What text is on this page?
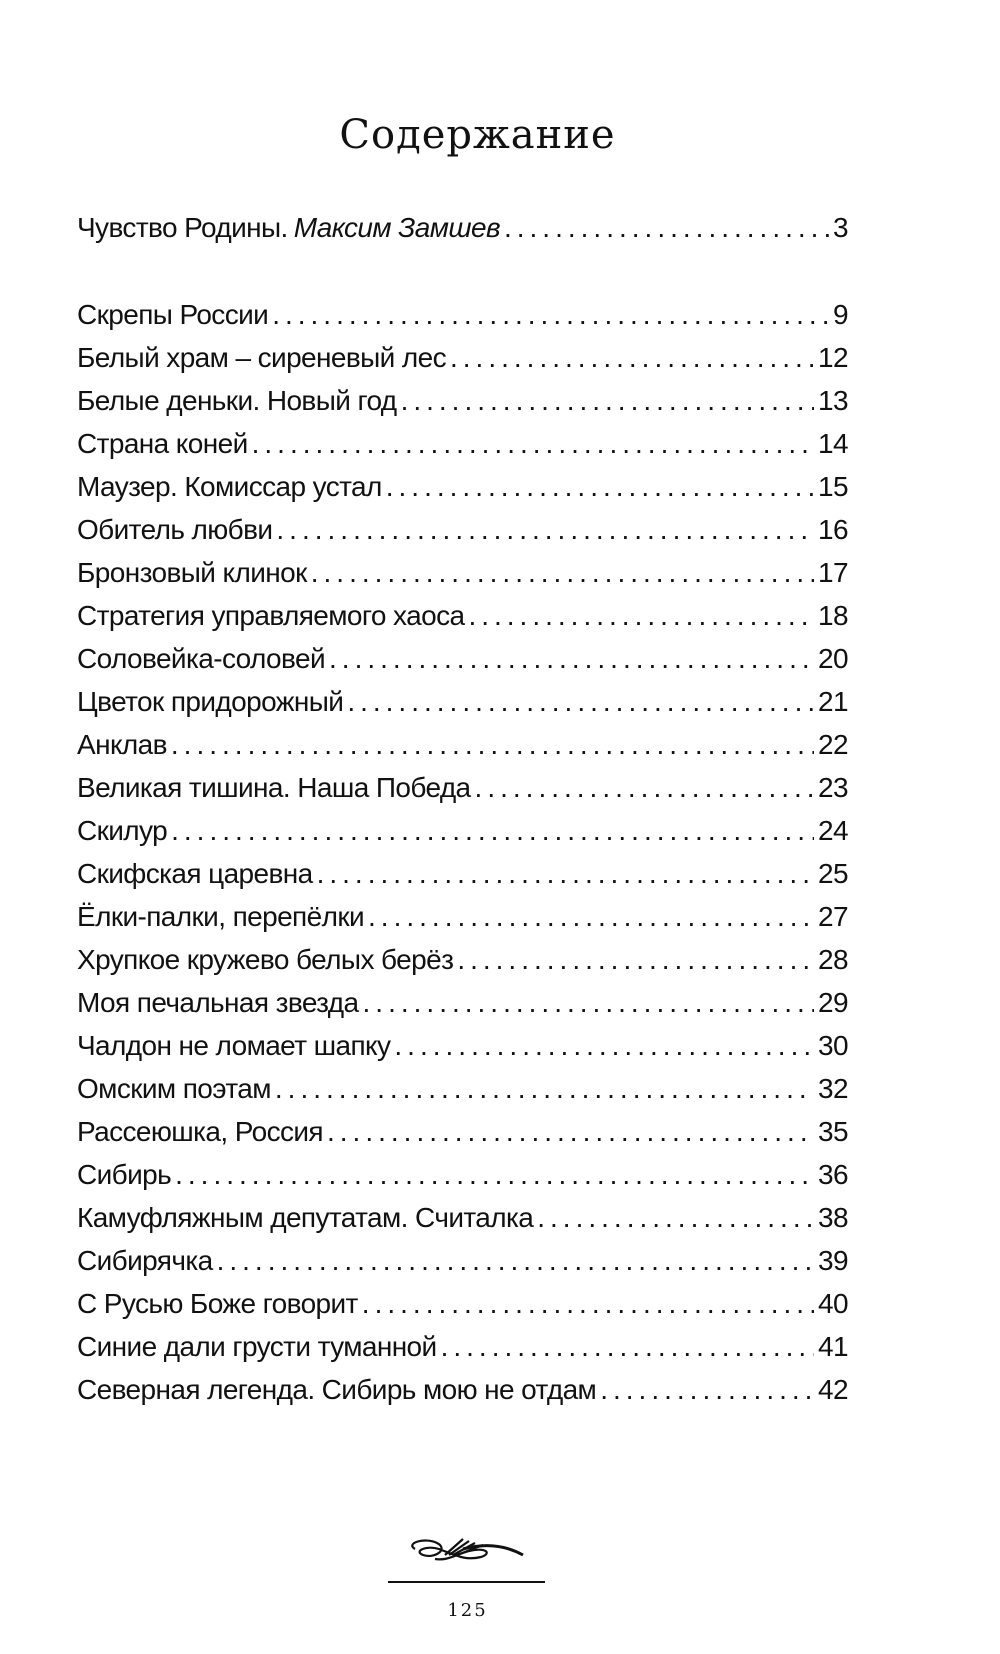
Содержание
Чувство Родины. Максим Замшев .....	3
Скрепы России .....	9
Белый храм – сиреневый лес .....	12
Белые деньки. Новый год .....	13
Страна коней .....	14
Маузер. Комиссар устал .....	15
Обитель любви .....	16
Бронзовый клинок .....	17
Стратегия управляемого хаоса .....	18
Соловейка-соловей .....	20
Цветок придорожный .....	21
Анклав .....	22
Великая тишина. Наша Победа .....	23
Скилур .....	24
Скифская царевна .....	25
Ёлки-палки, перепёлки .....	27
Хрупкое кружево белых берёз .....	28
Моя печальная звезда .....	29
Чалдон не ломает шапку .....	30
Омским поэтам .....	32
Рассеюшка, Россия .....	35
Сибирь .....	36
Камуфляжным депутатам. Считалка .....	38
Сибирячка .....	39
С Русью Боже говорит .....	40
Синие дали грусти туманной .....	41
Северная легенда. Сибирь мою не отдам .....	42
125
